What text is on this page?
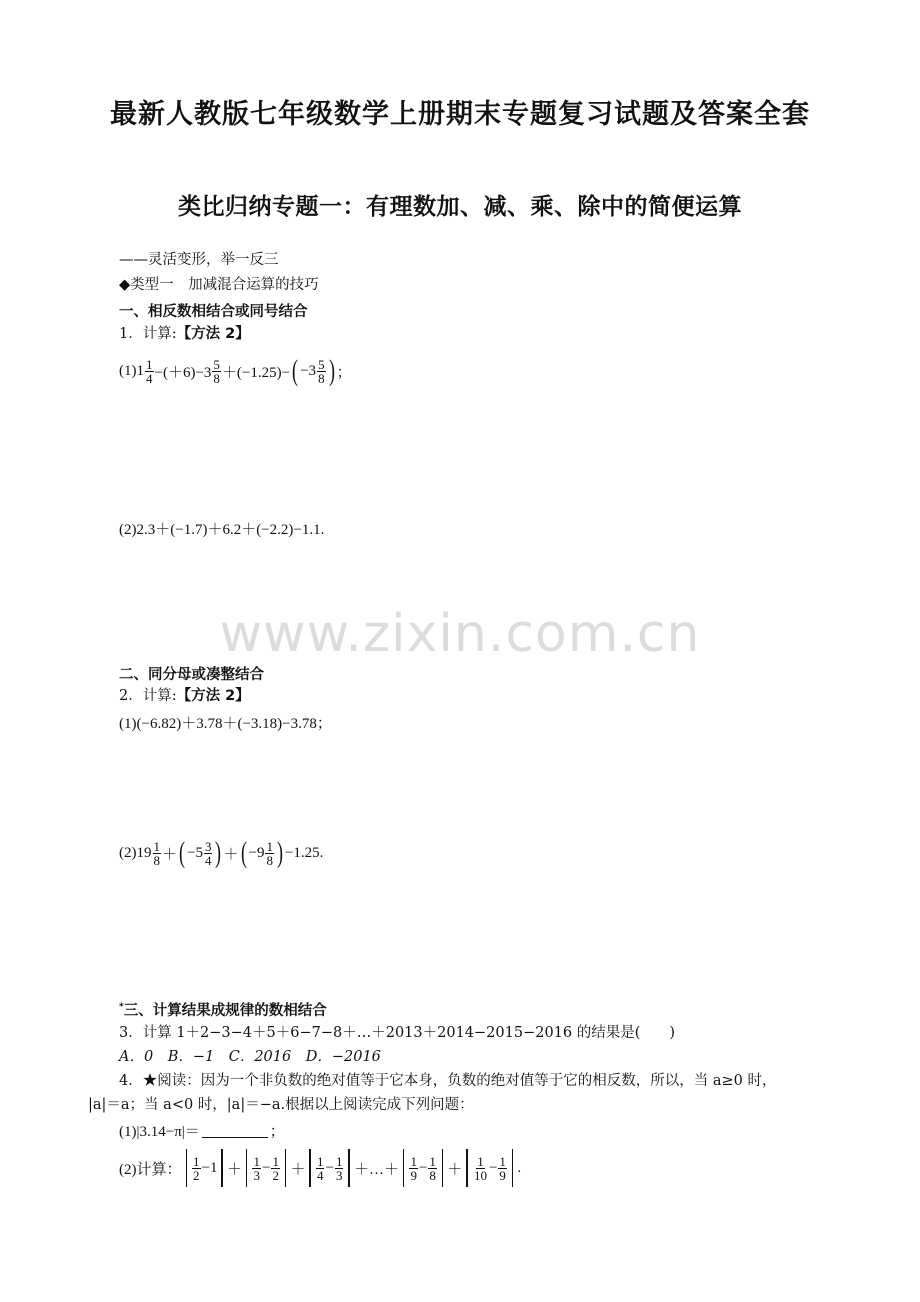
最新人教版七年级数学上册期末专题复习试题及答案全套
类比归纳专题一：有理数加、减、乘、除中的简便运算
——灵活变形，举一反三
◆类型一　加减混合运算的技巧
一、相反数相结合或同号结合
1．计算:【方法 2】
$(1)1 \frac{1}{4} -(+6)-3 \frac{5}{8} +(-1.25)-$ ( $-3 \frac{5}{8}$ ) ；
(2)2.3＋(−1.7)＋6.2＋(−2.2)−1.1.
www.zixin.com.cn
二、同分母或凑整结合
2．计算:【方法 2】
(1)(−6.82)＋3.78＋(−3.18)−3.78；
$(2)19 \frac{1}{8}$ ＋ ( $-5 \frac{3}{4}$ ) ＋ ( $-9 \frac{1}{8}$ ) −1.25.
*三、计算结果成规律的数相结合
3．计算 1＋2−3−4＋5＋6−7−8＋…＋2013＋2014−2015−2016 的结果是(　　)
A．0　B．−1　C．2016　D．−2016
4．★阅读：因为一个非负数的绝对值等于它本身，负数的绝对值等于它的相反数，所以，当 a≥0 时，
|a|＝a；当 a<0 时，|a|＝−a.根据以上阅读完成下列问题：
(1)|3.14−π|＝	；
(2)计算： $\frac{1}{2} -1 + \frac{1}{3} - \frac{1}{2} + \frac{1}{4} - \frac{1}{3}$ ＋…＋ $\frac{1}{9} - \frac{1}{8} + \frac{1}{10} - \frac{1}{9}$ .
